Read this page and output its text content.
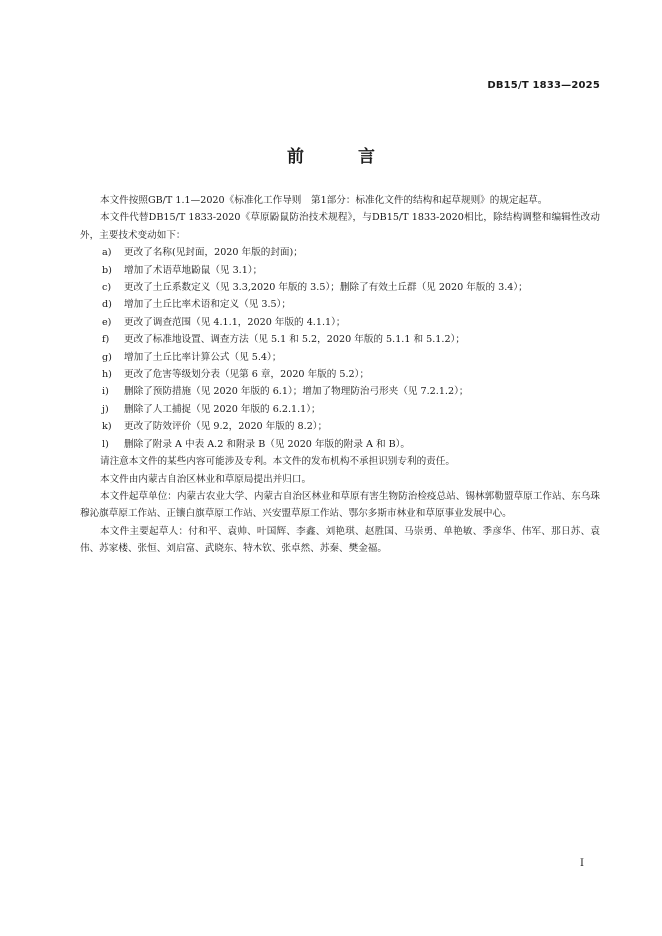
DB15/T 1833—2025
前 言

本文件按照GB/T 1.1—2020《标准化工作导则　第1部分：标准化文件的结构和起草规则》的规定起草。

本文件代替DB15/T 1833-2020《草原鼢鼠防治技术规程》，与DB15/T 1833-2020相比，除结构调整和编辑性改动外，主要技术变动如下：

a) 更改了名称(见封面，2020 年版的封面)；
b) 增加了术语草地鼢鼠（见 3.1）；
c) 更改了土丘系数定义（见 3.3,2020 年版的 3.5）；删除了有效土丘群（见 2020 年版的 3.4）；
d) 增加了土丘比率术语和定义（见 3.5）；
e) 更改了调查范围（见 4.1.1，2020 年版的 4.1.1）；
f) 更改了标准地设置、调查方法（见 5.1 和 5.2，2020 年版的 5.1.1 和 5.1.2）；
g) 增加了土丘比率计算公式（见 5.4）；
h) 更改了危害等级划分表（见第 6 章，2020 年版的 5.2）；
i) 删除了预防措施（见 2020 年版的 6.1）；增加了物理防治弓形夹（见 7.2.1.2）；
j) 删除了人工捕捉（见 2020 年版的 6.2.1.1）；
k) 更改了防效评价（见 9.2，2020 年版的 8.2）；
l) 删除了附录 A 中表 A.2 和附录 B（见 2020 年版的附录 A 和 B）。

请注意本文件的某些内容可能涉及专利。本文件的发布机构不承担识别专利的责任。

本文件由内蒙古自治区林业和草原局提出并归口。

本文件起草单位：内蒙古农业大学、内蒙古自治区林业和草原有害生物防治检疫总站、锡林郭勒盟草原工作站、东乌珠穆沁旗草原工作站、正镶白旗草原工作站、兴安盟草原工作站、鄂尔多斯市林业和草原事业发展中心。

本文件主要起草人：付和平、袁帅、叶国辉、李鑫、刘艳琪、赵胜国、马崇勇、单艳敏、季彦华、伟军、那日苏、袁伟、苏家楼、张恒、刘启富、武晓东、特木钦、张卓然、苏秦、樊金福。

I
